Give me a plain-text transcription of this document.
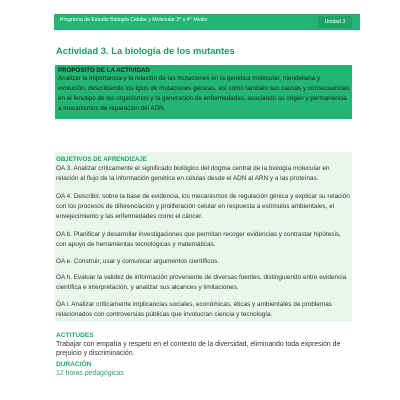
Programa de Estudio Biología Celular y Molecular 3° o 4° Medio	Unidad 3
Actividad 3. La biología de los mutantes
PROPÓSITO DE LA ACTIVIDAD
Analizar la importancia y la relación de las mutaciones en la genética molecular, mendeliana y
evolución, describiendo los tipos de mutaciones génicas, así como también sus causas y consecuencias
en el fenotipo de los organismos y la generación de enfermedades, asociando su origen y permanencia
a mecanismos de reparación del ADN.
OBJETIVOS DE APRENDIZAJE
OA 3. Analizar críticamente el significado biológico del dogma central de la biología molecular en
relación al flujo de la información genética en células desde el ADN al ARN y a las proteínas.
OA 4. Describir, sobre la base de evidencia, los mecanismos de regulación génica y explicar su relación
con los procesos de diferenciación y proliferación celular en respuesta a estímulos ambientales, el
envejecimiento y las enfermedades como el cáncer.
OA b. Planificar y desarrollar investigaciones que permitan recoger evidencias y contrastar hipótesis,
con apoyo de herramientas tecnológicas y matemáticas.
OA e. Construir, usar y comunicar argumentos científicos.
OA h. Evaluar la validez de información proveniente de diversas fuentes, distinguiendo entre evidencia
científica e interpretación, y analizar sus alcances y limitaciones.
OA i. Analizar críticamente implicancias sociales, económicas, éticas y ambientales de problemas
relacionados con controversias públicas que involucran ciencia y tecnología.
ACTITUDES
Trabajar con empatía y respeto en el contexto de la diversidad, eliminando toda expresión de
prejuicio y discriminación.
DURACIÓN
12 horas pedagógicas
